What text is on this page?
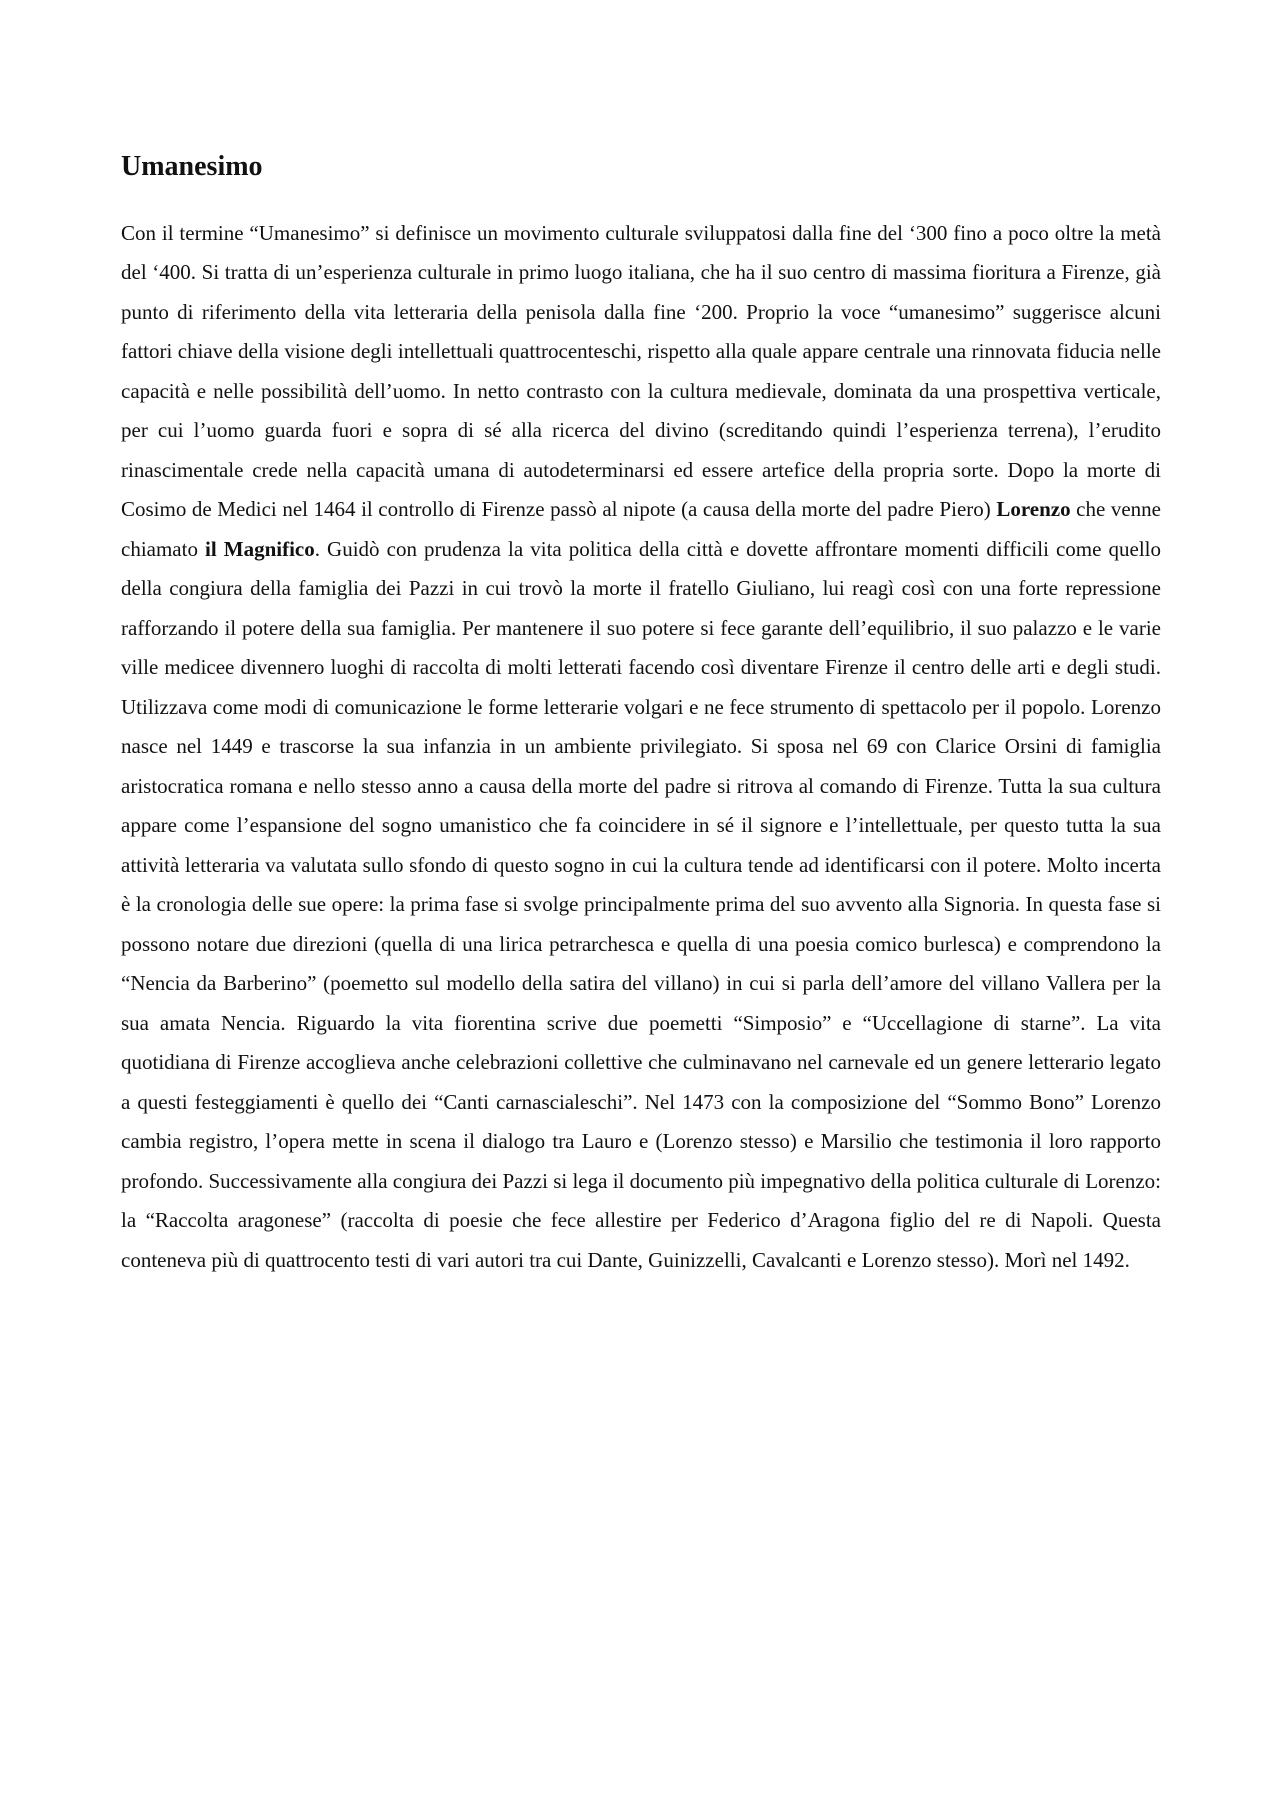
Umanesimo

Con il termine “Umanesimo” si definisce un movimento culturale sviluppatosi dalla fine del ‘300 fino a poco oltre la metà del ‘400. Si tratta di un’esperienza culturale in primo luogo italiana, che ha il suo centro di massima fioritura a Firenze, già punto di riferimento della vita letteraria della penisola dalla fine ‘200. Proprio la voce “umanesimo” suggerisce alcuni fattori chiave della visione degli intellettuali quattrocenteschi, rispetto alla quale appare centrale una rinnovata fiducia nelle capacità e nelle possibilità dell’uomo. In netto contrasto con la cultura medievale, dominata da una prospettiva verticale, per cui l’uomo guarda fuori e sopra di sé alla ricerca del divino (screditando quindi l’esperienza terrena), l’erudito rinascimentale crede nella capacità umana di autodeterminarsi ed essere artefice della propria sorte. Dopo la morte di Cosimo de Medici nel 1464 il controllo di Firenze passò al nipote (a causa della morte del padre Piero) Lorenzo che venne chiamato il Magnifico. Guidò con prudenza la vita politica della città e dovette affrontare momenti difficili come quello della congiura della famiglia dei Pazzi in cui trovò la morte il fratello Giuliano, lui reagì così con una forte repressione rafforzando il potere della sua famiglia. Per mantenere il suo potere si fece garante dell’equilibrio, il suo palazzo e le varie ville medicee divennero luoghi di raccolta di molti letterati facendo così diventare Firenze il centro delle arti e degli studi. Utilizzava come modi di comunicazione le forme letterarie volgari e ne fece strumento di spettacolo per il popolo. Lorenzo nasce nel 1449 e trascorse la sua infanzia in un ambiente privilegiato. Si sposa nel 69 con Clarice Orsini di famiglia aristocratica romana e nello stesso anno a causa della morte del padre si ritrova al comando di Firenze. Tutta la sua cultura appare come l’espansione del sogno umanistico che fa coincidere in sé il signore e l’intellettuale, per questo tutta la sua attività letteraria va valutata sullo sfondo di questo sogno in cui la cultura tende ad identificarsi con il potere. Molto incerta è la cronologia delle sue opere: la prima fase si svolge principalmente prima del suo avvento alla Signoria. In questa fase si possono notare due direzioni (quella di una lirica petrarchesca e quella di una poesia comico burlesca) e comprendono la “Nencia da Barberino” (poemetto sul modello della satira del villano) in cui si parla dell’amore del villano Vallera per la sua amata Nencia. Riguardo la vita fiorentina scrive due poemetti “Simposio” e “Uccellagione di starne”. La vita quotidiana di Firenze accoglieva anche celebrazioni collettive che culminavano nel carnevale ed un genere letterario legato a questi festeggiamenti è quello dei “Canti carnascialeschi”. Nel 1473 con la composizione del “Sommo Bono” Lorenzo cambia registro, l’opera mette in scena il dialogo tra Lauro e (Lorenzo stesso) e Marsilio che testimonia il loro rapporto profondo. Successivamente alla congiura dei Pazzi si lega il documento più impegnativo della politica culturale di Lorenzo: la “Raccolta aragonese” (raccolta di poesie che fece allestire per Federico d’Aragona figlio del re di Napoli. Questa conteneva più di quattrocento testi di vari autori tra cui Dante, Guinizzelli, Cavalcanti e Lorenzo stesso). Morì nel 1492.
